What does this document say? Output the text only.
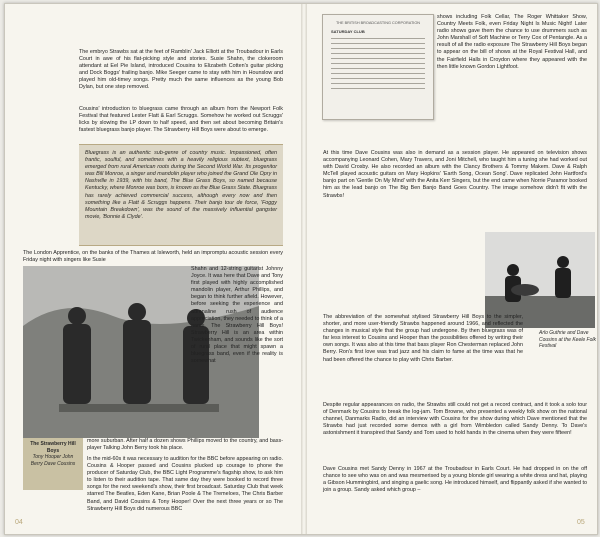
The embryo Strawbs sat at the feet of Ramblin' Jack Elliott at the Troubadour in Earls Court in awe of his flat-picking style and stories. Susie Shahn, the clokeroom attendant at Eel Pie Island, introduced Cousins to Elizabeth Cotten's guitar picking and Dock Boggs' frailing banjo. Mike Seeger came to stay with him in Hounslow and played him old-timey songs. Pretty much the same influences as the young Bob Dylan, but one step removed.

Cousins' introduction to bluegrass came through an album from the Newport Folk Festival that featured Lester Flatt & Earl Scruggs. Somehow he worked out Scruggs' licks by slowing the LP down to half speed, and then set about becoming Britain's fastest bluegrass banjo player. The Strawberry Hill Boys were about to emerge.

Bluegrass is an authentic sub-genre of country music. Impassioned, often frantic, soulful, and sometimes with a heavily religious subtext, bluegrass emerged from rural American roots during the Second World War. Its progenitor was Bill Monroe, a singer and mandolin player who joined the Grand Ole Opry in Nashville in 1939, with his band, The Blue Grass Boys, so named because Kentucky, where Monroe was born, is known as the Blue Grass State. Bluegrass has rarely achieved commercial success, although every now and then something like a Flatt & Scruggs happens. Their banjo tour de force, 'Foggy Mountain Breakdown', was the sound of the massively influential gangster movie, 'Bonnie & Clyde'.

The London Apprentice, on the banks of the Thames at Isleworth, held an impromptu acoustic session every Friday night with singers like Susie

Shahn and 12-string guitarist Johnny Joyce. It was here that Dave and Tony first played with highly accomplished mandolin player, Arthur Phillips, and began to think further afield. However, before seeking the experience and adrenaline rush of audience appreciation, they needed to think of a name. The Strawberry Hill Boys! Strawberry Hill is an area within Twickenham, and sounds like the sort of rural place that might spawn a bluegrass band, even if the reality is somewhat

The Strawberry Hill Boys
Tony Hooper John Berry Dave Cousins

more suburban. After half a dozen shows Phillips moved to the country, and bass-player Talking John Berry took his place.

In the mid-60s it was necessary to audition for the BBC before appearing on radio. Cousins & Hooper passed and Cousins plucked up courage to phone the producer of Saturday Club, the BBC Light Programme's flagship show, to ask him to listen to their audition tape. That same day they were booked to record three songs for the next weekend's show, their first broadcast. Saturday Club that week starred The Beatles, Eden Kane, Brian Poole & The Tremeloes, The Chris Barber Band, and David Cousins & Tony Hooper! Over the next three years or so The Strawberry Hill Boys did numerous BBC

04
THE BRITISH BROADCASTING CORPORATION
SATURDAY CLUB

shows including Folk Cellar, The Roger Whittaker Show, Country Meets Folk, even Friday Night Is Music Night! Later radio shows gave them the chance to use drummers such as John Marshall of Soft Machine or Terry Cox of Pentangle. As a result of all the radio exposure The Strawberry Hill Boys began to appear on the bill of shows at the Royal Festival Hall, and the Fairfield Halls in Croydon where they appeared with the then little known Gordon Lightfoot.

At this time Dave Cousins was also in demand as a session player. He appeared on television shows accompanying Leonard Cohen, Mary Travers, and Joni Mitchell, who taught him a tuning she had worked out with David Crosby. He also recorded an album with the Clancy Brothers & Tommy Makem. Dave & Ralph McTell played acoustic guitars on Mary Hopkins' 'Earth Song, Ocean Song'. Dave replicated John Hartford's banjo part on 'Gentle On My Mind' with the Anita Kerr Singers, but the end came when Norrie Paramor booked him as the lead banjo on The Big Ben Banjo Band Goes Country. The image somehow didn't fit with the Strawbs!

Arlo Guthrie and Dave Cousins at the Keele Folk Festival

The abbreviation of the somewhat stylised Strawberry Hill Boys to the simpler, shorter, and more user-friendly Strawbs happened around 1966, and reflected the changes in musical style that the group had undergone. By then bluegrass was of far less interest to Cousins and Hooper than the possibilities offered by writing their own songs. It was also at this time that bass player Ron Chesterman replaced John Berry. Ron's first love was trad jazz and his claim to fame at the time was that he had been offered the chance to play with Chris Barber.

Despite regular appearances on radio, the Strawbs still could not get a record contract, and it took a solo tour of Denmark by Cousins to break the log-jam. Tom Browne, who presented a weekly folk show on the national channel, Danmarks Radio, did an interview with Cousins for the show during which Dave mentioned that the Strawbs had just recorded some demos with a girl from Wimbledon called Sandy Denny. To Dave's astonishment it transpired that Sandy and Tom used to hold hands in the cinema when they were fifteen!

Dave Cousins met Sandy Denny in 1967 at the Troubadour in Earls Court. He had dropped in on the off chance to see who was on and was mesmerised by a young blonde girl wearing a white dress and hat, playing a Gibson Hummingbird, and singing a gaelic song. He introduced himself, and flippantly asked if she wanted to join a group. Sandy asked which group –

05
